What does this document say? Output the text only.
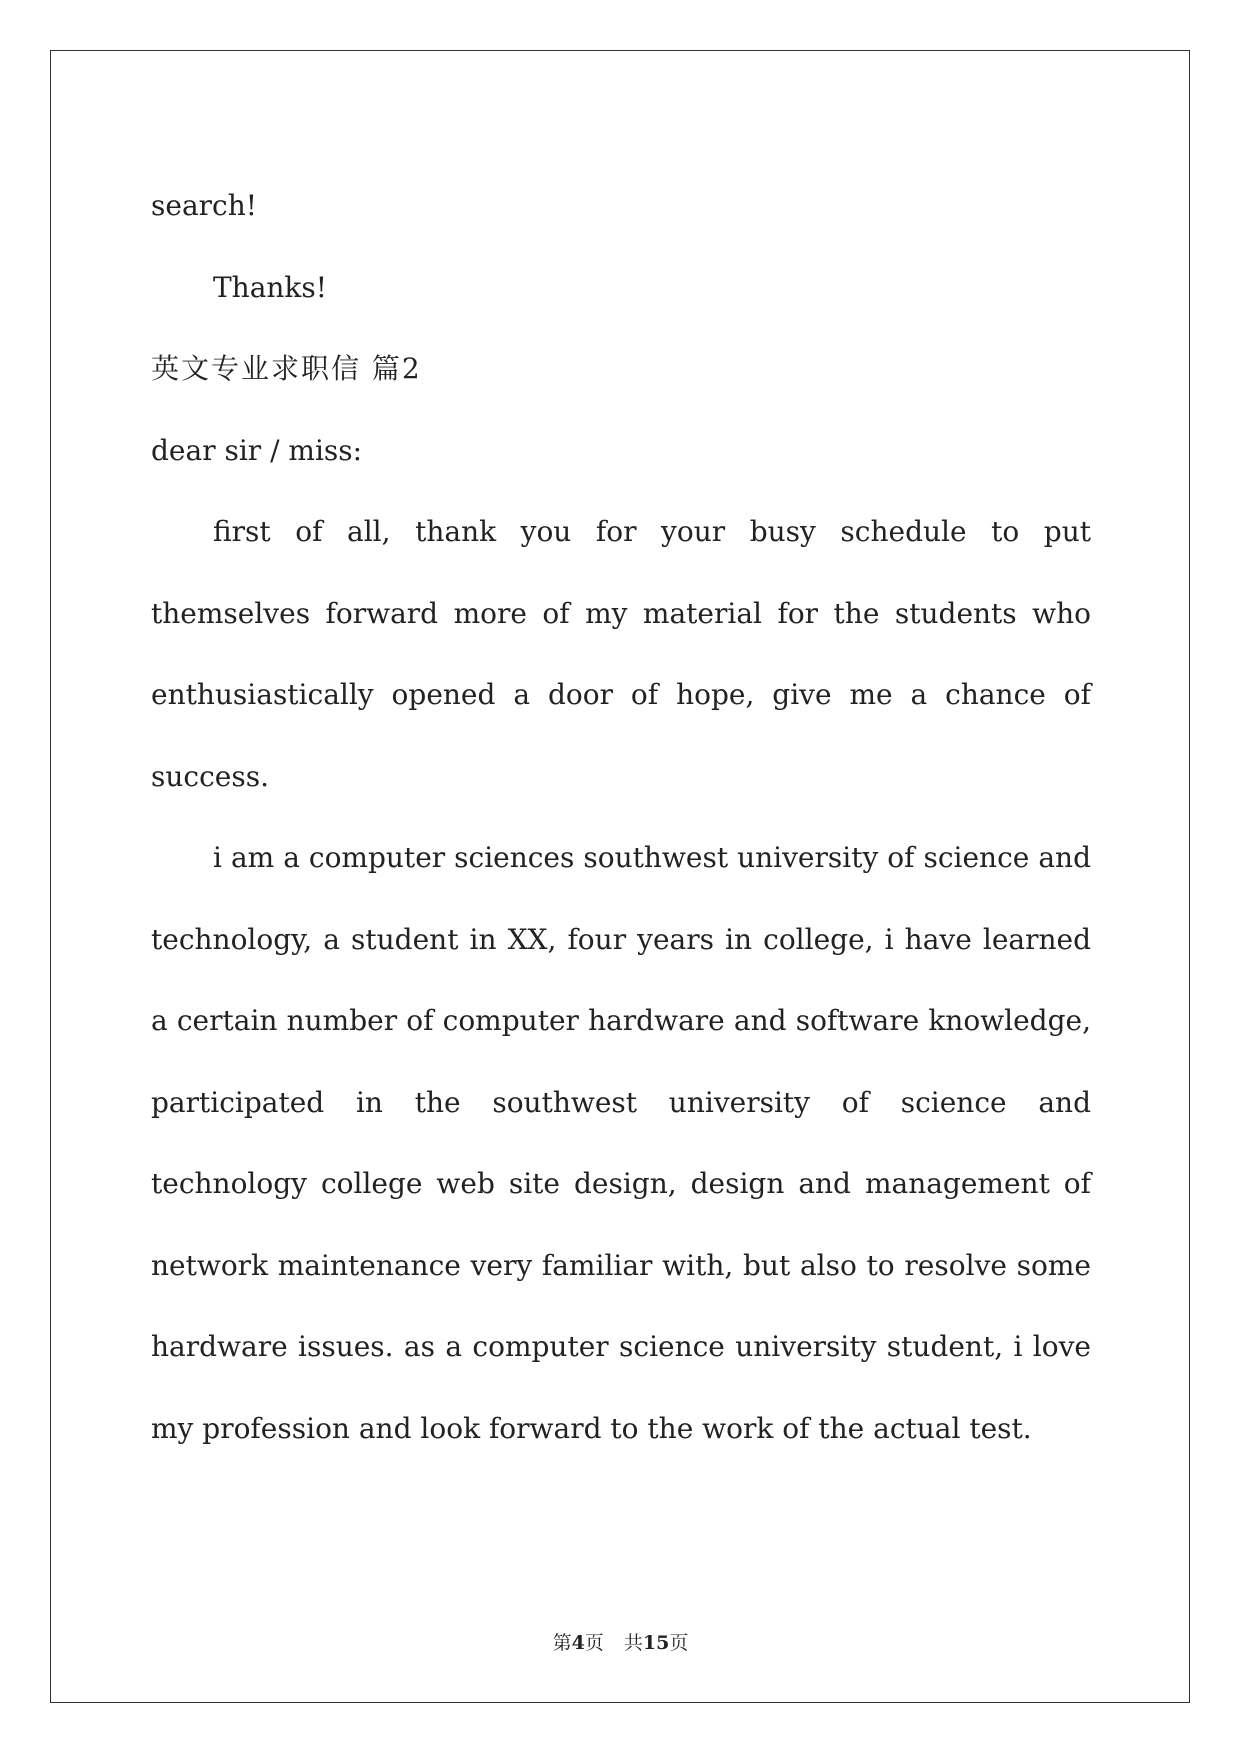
search!

Thanks!

英文专业求职信 篇2

dear sir / miss:

first of all, thank you for your busy schedule to put themselves forward more of my material for the students who enthusiastically opened a door of hope, give me a chance of success.

i am a computer sciences southwest university of science and technology, a student in XX, four years in college, i have learned a certain number of computer hardware and software knowledge, participated in the southwest university of science and technology college web site design, design and management of network maintenance very familiar with, but also to resolve some hardware issues. as a computer science university student, i love my profession and look forward to the work of the actual test.

第4页 共15页
